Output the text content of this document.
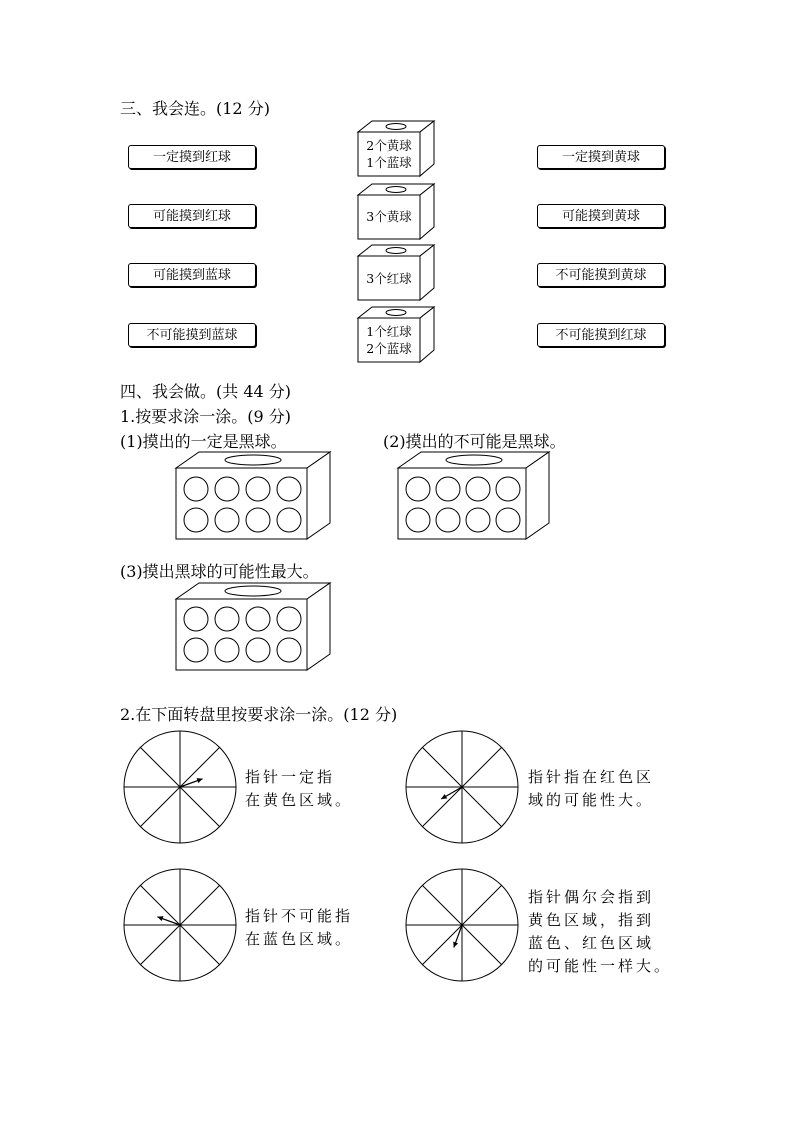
三、我会连。(12 分)
一定摸到红球
可能摸到红球
可能摸到蓝球
不可能摸到蓝球
一定摸到黄球
可能摸到黄球
不可能摸到黄球
不可能摸到红球
2个黄球
1个蓝球
3个黄球
3个红球
1个红球
2个蓝球
四、我会做。(共 44 分)
1.按要求涂一涂。(9 分)
(1)摸出的一定是黑球。	(2)摸出的不可能是黑球。
(3)摸出黑球的可能性最大。
2.在下面转盘里按要求涂一涂。(12 分)
指针一定指
在黄色区域。
指针指在红色区
域的可能性大。
指针不可能指
在蓝色区域。
指针偶尔会指到
黄色区域，指到
蓝色、红色区域
的可能性一样大。
